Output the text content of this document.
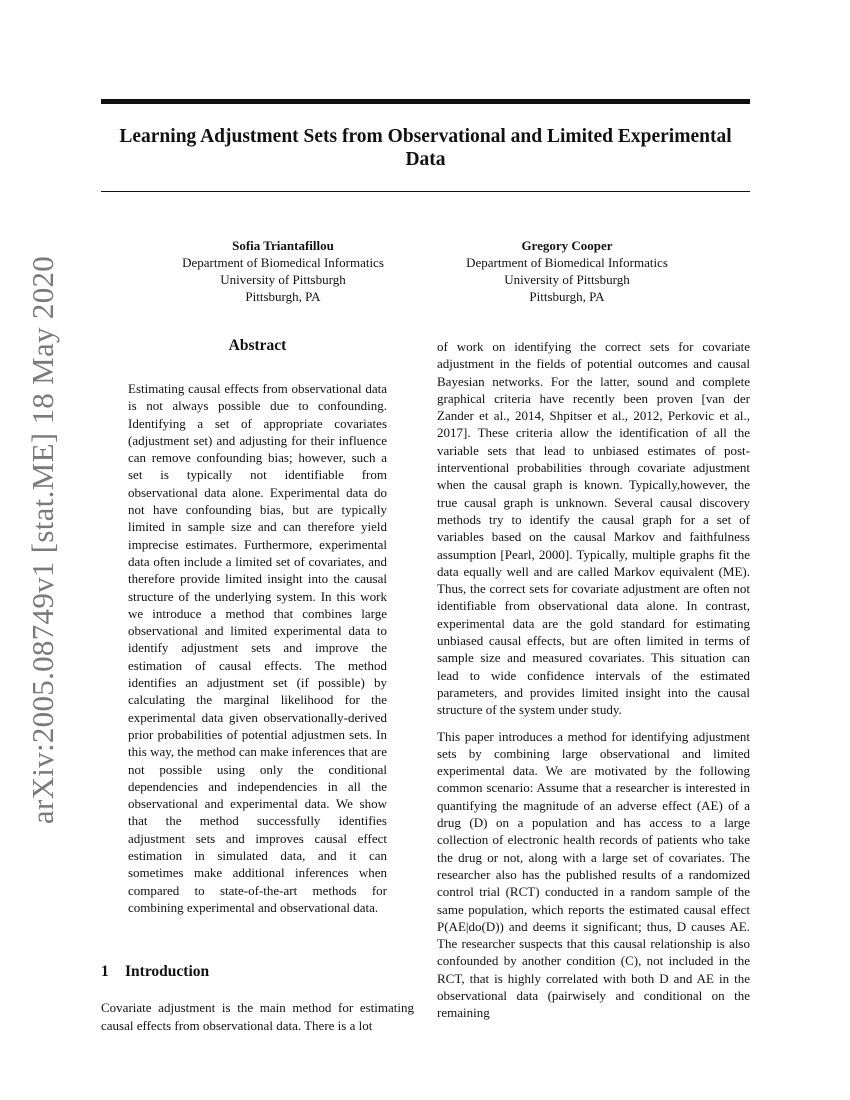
Learning Adjustment Sets from Observational and Limited Experimental Data
arXiv:2005.08749v1 [stat.ME] 18 May 2020
Sofia Triantafillou
Department of Biomedical Informatics
University of Pittsburgh
Pittsburgh, PA
Gregory Cooper
Department of Biomedical Informatics
University of Pittsburgh
Pittsburgh, PA
Abstract

Estimating causal effects from observational data is not always possible due to confounding. Identifying a set of appropriate covariates (adjustment set) and adjusting for their influence can remove confounding bias; however, such a set is typically not identifiable from observational data alone. Experimental data do not have confounding bias, but are typically limited in sample size and can therefore yield imprecise estimates. Furthermore, experimental data often include a limited set of covariates, and therefore provide limited insight into the causal structure of the underlying system. In this work we introduce a method that combines large observational and limited experimental data to identify adjustment sets and improve the estimation of causal effects. The method identifies an adjustment set (if possible) by calculating the marginal likelihood for the experimental data given observationally-derived prior probabilities of potential adjustmen sets. In this way, the method can make inferences that are not possible using only the conditional dependencies and independencies in all the observational and experimental data. We show that the method successfully identifies adjustment sets and improves causal effect estimation in simulated data, and it can sometimes make additional inferences when compared to state-of-the-art methods for combining experimental and observational data.

1 Introduction

Covariate adjustment is the main method for estimating causal effects from observational data. There is a lot

of work on identifying the correct sets for covariate adjustment in the fields of potential outcomes and causal Bayesian networks. For the latter, sound and complete graphical criteria have recently been proven [van der Zander et al., 2014, Shpitser et al., 2012, Perkovic et al., 2017]. These criteria allow the identification of all the variable sets that lead to unbiased estimates of post-interventional probabilities through covariate adjustment when the causal graph is known. Typically,however, the true causal graph is unknown. Several causal discovery methods try to identify the causal graph for a set of variables based on the causal Markov and faithfulness assumption [Pearl, 2000]. Typically, multiple graphs fit the data equally well and are called Markov equivalent (ME). Thus, the correct sets for covariate adjustment are often not identifiable from observational data alone. In contrast, experimental data are the gold standard for estimating unbiased causal effects, but are often limited in terms of sample size and measured covariates. This situation can lead to wide confidence intervals of the estimated parameters, and provides limited insight into the causal structure of the system under study.

This paper introduces a method for identifying adjustment sets by combining large observational and limited experimental data. We are motivated by the following common scenario: Assume that a researcher is interested in quantifying the magnitude of an adverse effect (AE) of a drug (D) on a population and has access to a large collection of electronic health records of patients who take the drug or not, along with a large set of covariates. The researcher also has the published results of a randomized control trial (RCT) conducted in a random sample of the same population, which reports the estimated causal effect P(AE|do(D)) and deems it significant; thus, D causes AE. The researcher suspects that this causal relationship is also confounded by another condition (C), not included in the RCT, that is highly correlated with both D and AE in the observational data (pairwisely and conditional on the remaining
